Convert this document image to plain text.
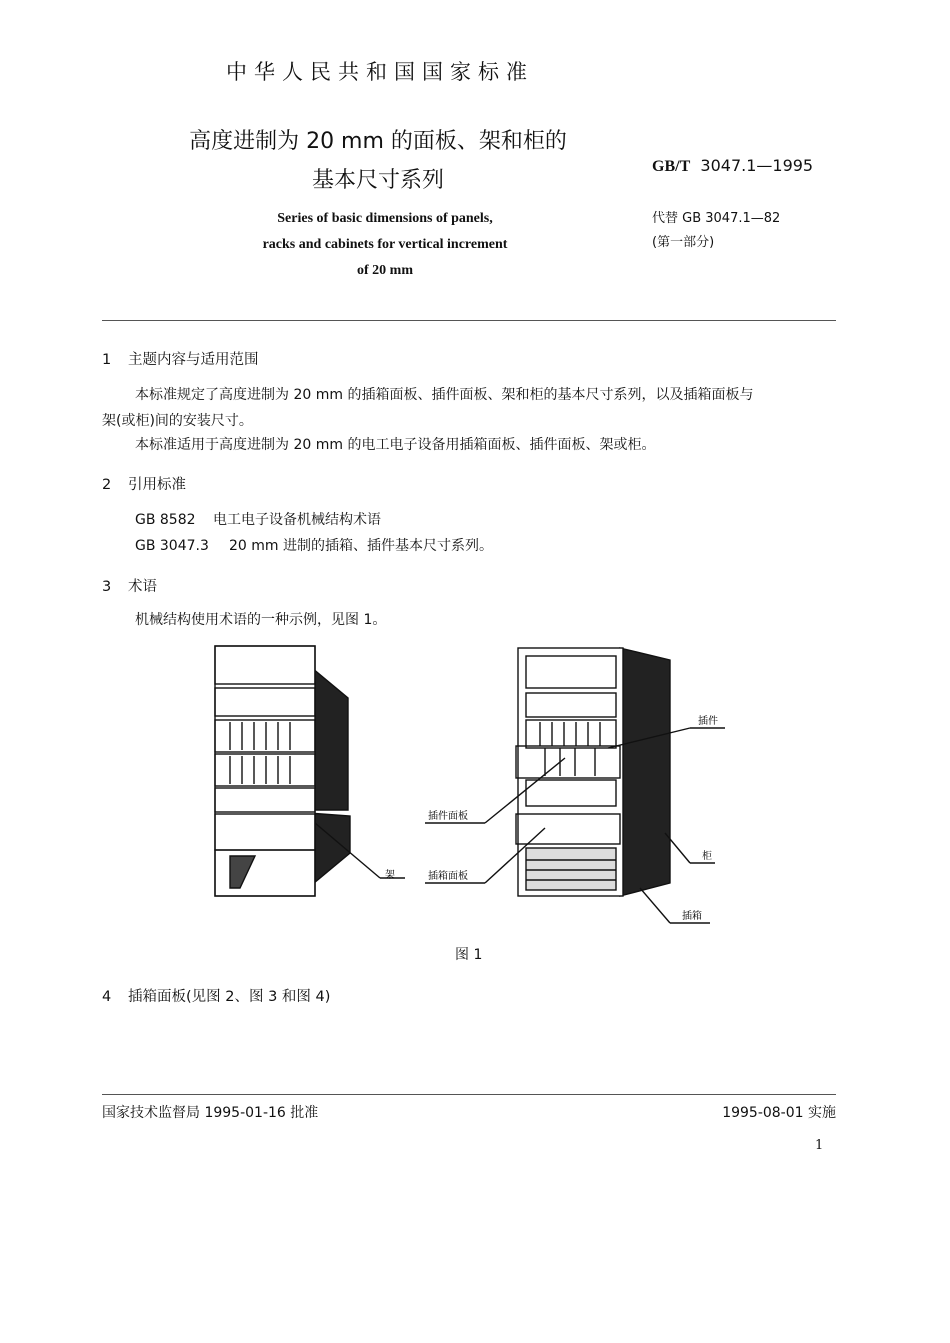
中华人民共和国国家标准
高度进制为 20 mm 的面板、架和柜的
基本尺寸系列
Series of basic dimensions of panels,
racks and cabinets for vertical increment
of 20 mm
GB/T 3047.1—1995
代替 GB 3047.1—82
(第一部分)
1 主题内容与适用范围
本标准规定了高度进制为 20 mm 的插箱面板、插件面板、架和柜的基本尺寸系列，以及插箱面板与
架(或柜)间的安装尺寸。
本标准适用于高度进制为 20 mm 的电工电子设备用插箱面板、插件面板、架或柜。
2 引用标准
GB 8582 电工电子设备机械结构术语
GB 3047.3 20 mm 进制的插箱、插件基本尺寸系列。
3 术语
机械结构使用术语的一种示例，见图 1。
架
插件
插件面板
插箱面板
柜
插箱
图 1
4 插箱面板(见图 2、图 3 和图 4)
国家技术监督局 1995-01-16 批准	1995-08-01 实施
1
